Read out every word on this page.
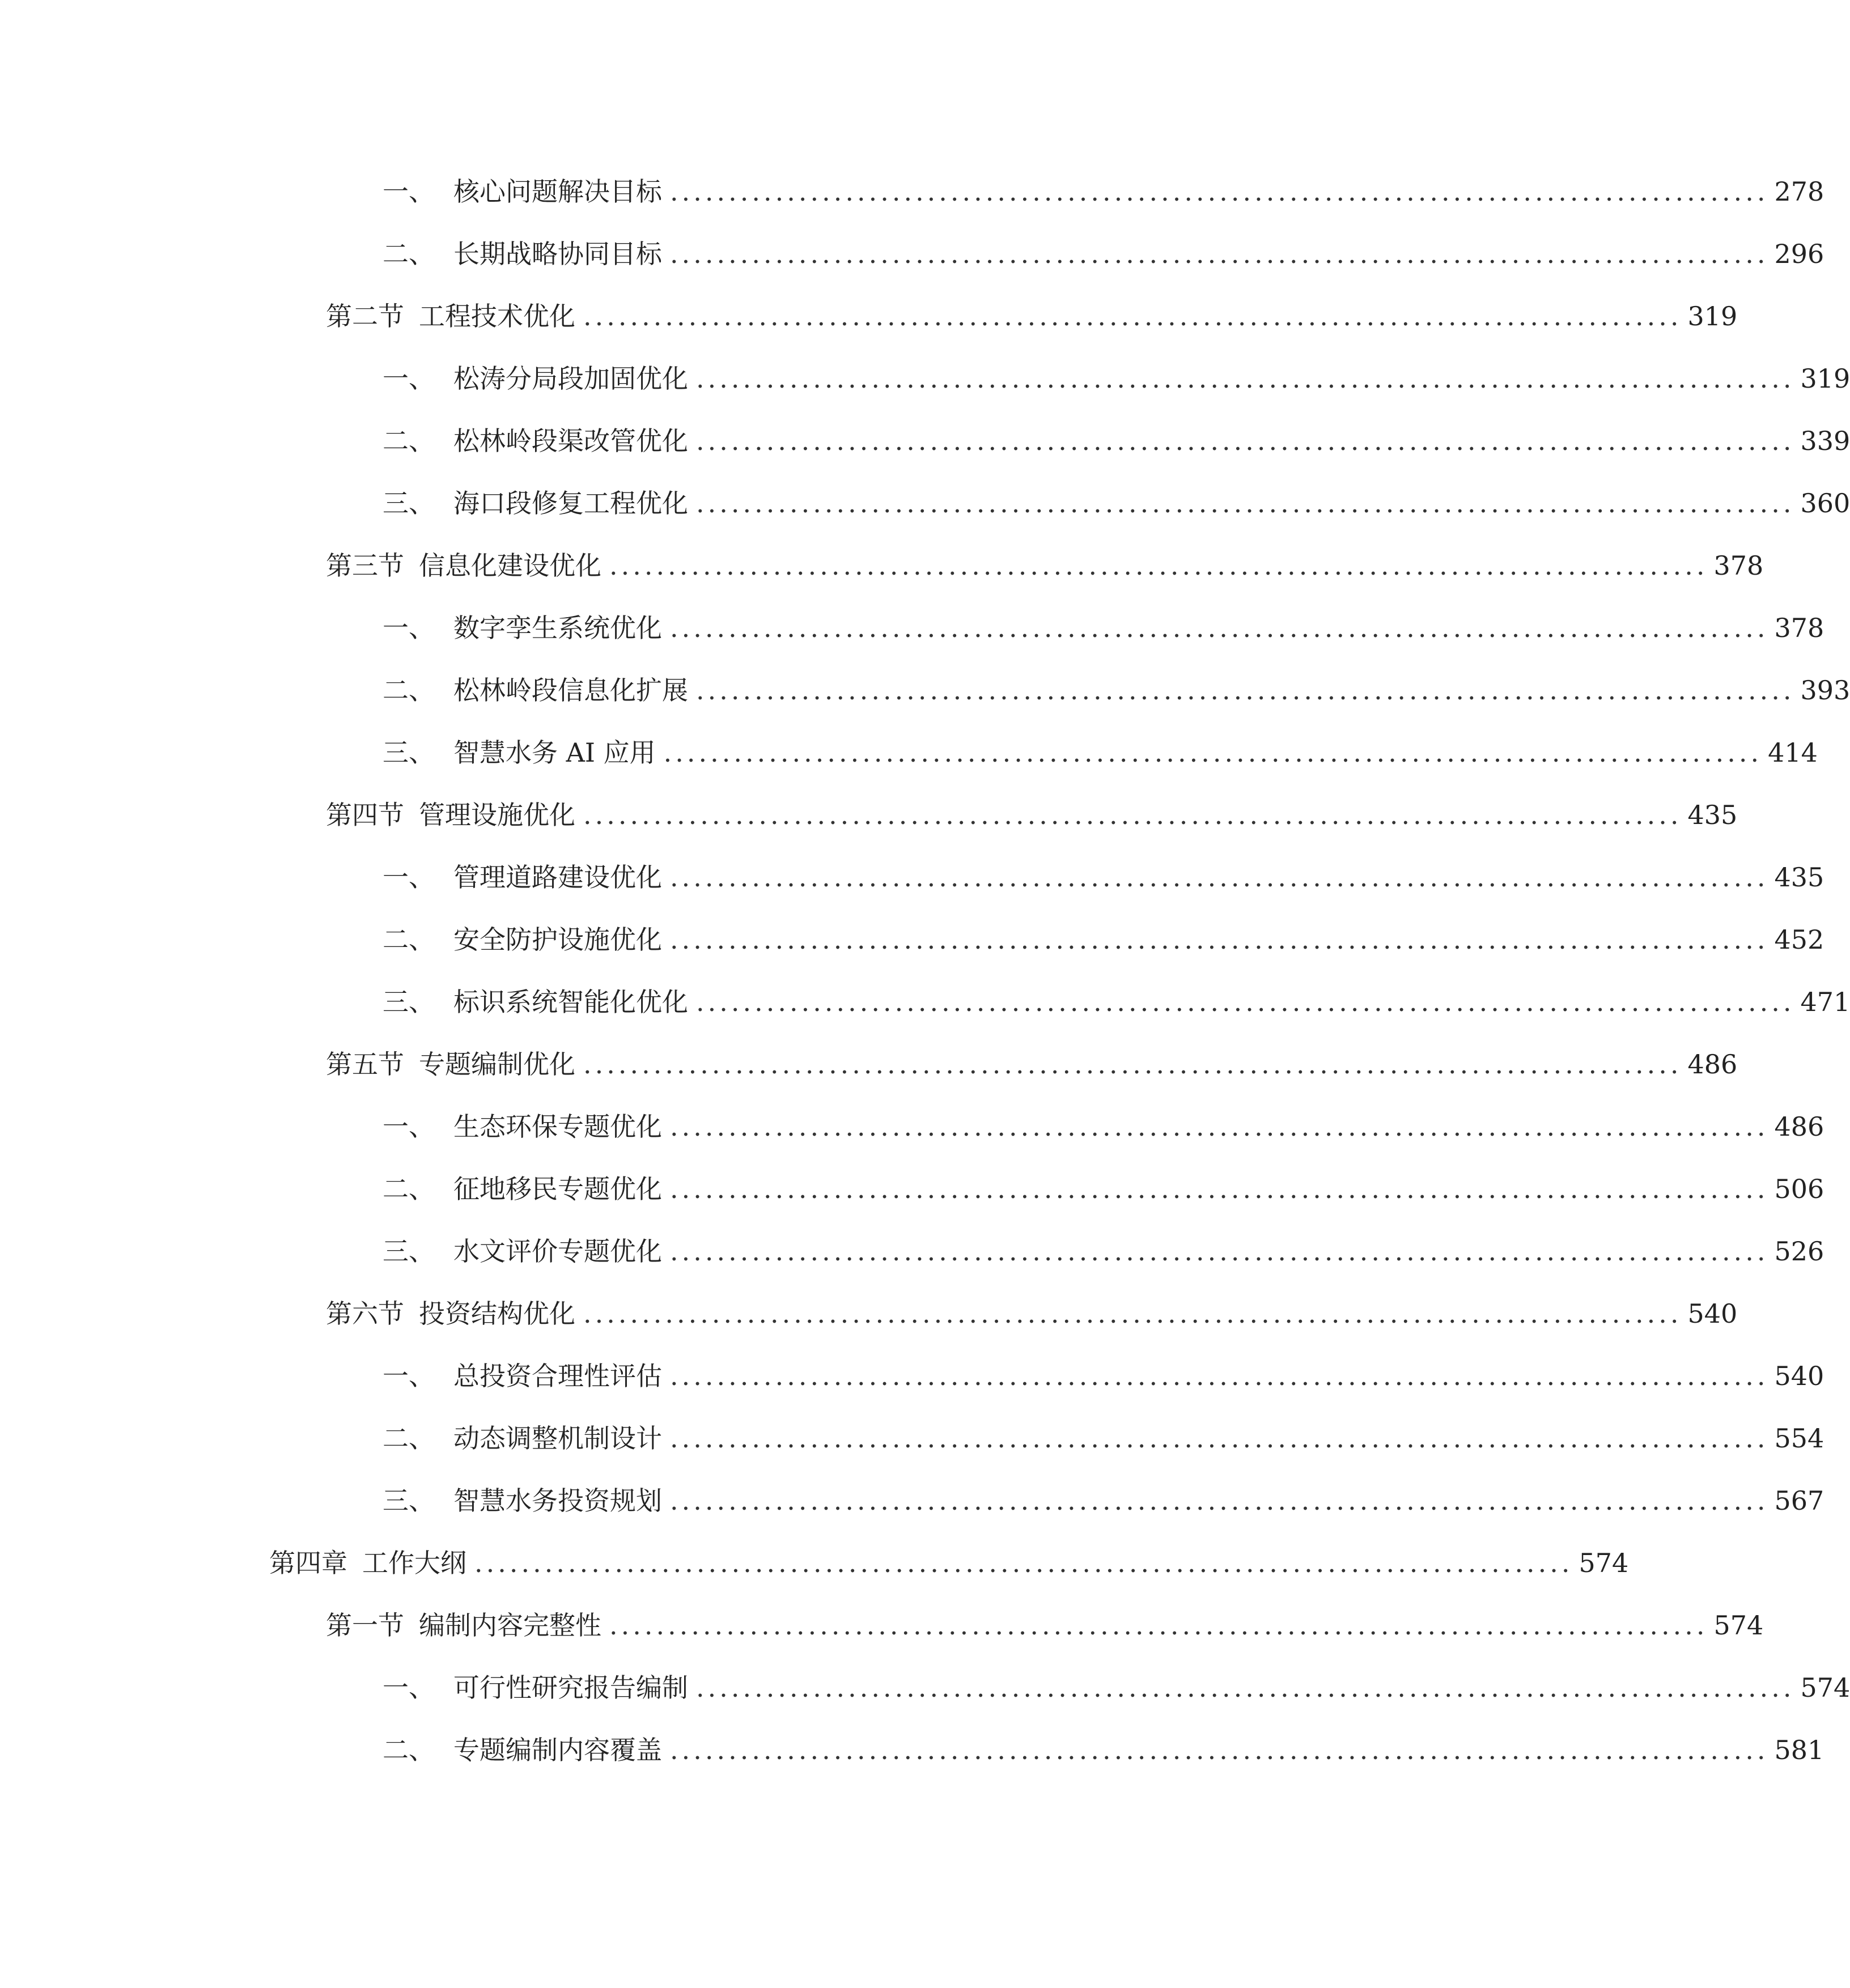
一、 核心问题解决目标 .............................................................................................. 278
二、 长期战略协同目标 .............................................................................................. 296
第二节 工程技术优化 .............................................................................................. 319
一、 松涛分局段加固优化 .............................................................................................. 319
二、 松林岭段渠改管优化 .............................................................................................. 339
三、 海口段修复工程优化 .............................................................................................. 360
第三节 信息化建设优化 .............................................................................................. 378
一、 数字孪生系统优化 .............................................................................................. 378
二、 松林岭段信息化扩展 .............................................................................................. 393
三、 智慧水务 AI 应用 .............................................................................................. 414
第四节 管理设施优化 .............................................................................................. 435
一、 管理道路建设优化 .............................................................................................. 435
二、 安全防护设施优化 .............................................................................................. 452
三、 标识系统智能化优化 .............................................................................................. 471
第五节 专题编制优化 .............................................................................................. 486
一、 生态环保专题优化 .............................................................................................. 486
二、 征地移民专题优化 .............................................................................................. 506
三、 水文评价专题优化 .............................................................................................. 526
第六节 投资结构优化 .............................................................................................. 540
一、 总投资合理性评估 .............................................................................................. 540
二、 动态调整机制设计 .............................................................................................. 554
三、 智慧水务投资规划 .............................................................................................. 567
第四章 工作大纲 .............................................................................................. 574
第一节 编制内容完整性 .............................................................................................. 574
一、 可行性研究报告编制 .............................................................................................. 574
二、 专题编制内容覆盖 .............................................................................................. 581
